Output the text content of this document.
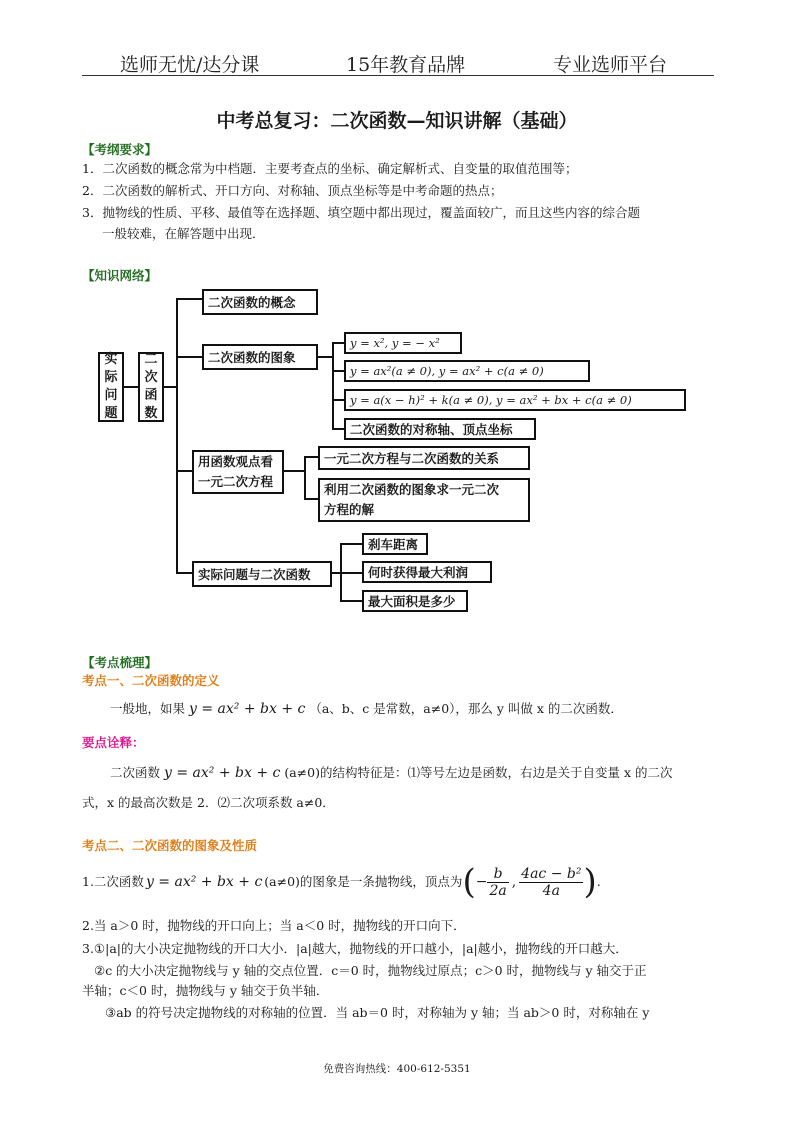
选师无忧/达分课	15年教育品牌	专业选师平台
中考总复习：二次函数—知识讲解（基础）
【考纲要求】
1．二次函数的概念常为中档题．主要考查点的坐标、确定解析式、自变量的取值范围等；
2．二次函数的解析式、开口方向、对称轴、顶点坐标等是中考命题的热点；
3．抛物线的性质、平移、最值等在选择题、填空题中都出现过，覆盖面较广，而且这些内容的综合题
一般较难，在解答题中出现．
【知识网络】
实
际
问
题
二
次
函
数
二次函数的概念
二次函数的图象
用函数观点看
一元二次方程
实际问题与二次函数
y = x², y = − x²
y = ax²(a ≠ 0), y = ax² + c(a ≠ 0)
y = a(x − h)² + k(a ≠ 0), y = ax² + bx + c(a ≠ 0)
二次函数的对称轴、顶点坐标
一元二次方程与二次函数的关系
利用二次函数的图象求一元二次
方程的解
刹车距离
何时获得最大利润
最大面积是多少
【考点梳理】
考点一、二次函数的定义
一般地，如果 y = ax² + bx + c （a、b、c 是常数，a≠0），那么 y 叫做 x 的二次函数．
要点诠释：
二次函数 y = ax² + bx + c (a≠0)的结构特征是：⑴等号左边是函数，右边是关于自变量 x 的二次
式，x 的最高次数是 2．⑵二次项系数 a≠0．
考点二、二次函数的图象及性质
1.二次函数 y = ax² + bx + c (a≠0)的图象是一条抛物线，顶点为 ( − $\frac{b}{2a}$ , $\frac{\text{4ac − b²}}{4a}$ ) .
2.当 a＞0 时，抛物线的开口向上；当 a＜0 时，抛物线的开口向下．
3.①|a|的大小决定抛物线的开口大小．|a|越大，抛物线的开口越小，|a|越小，抛物线的开口越大．
②c 的大小决定抛物线与 y 轴的交点位置．c＝0 时，抛物线过原点；c＞0 时，抛物线与 y 轴交于正
半轴；c＜0 时，抛物线与 y 轴交于负半轴．
③ab 的符号决定抛物线的对称轴的位置．当 ab＝0 时，对称轴为 y 轴；当 ab＞0 时，对称轴在 y
免费咨询热线：400-612-5351
